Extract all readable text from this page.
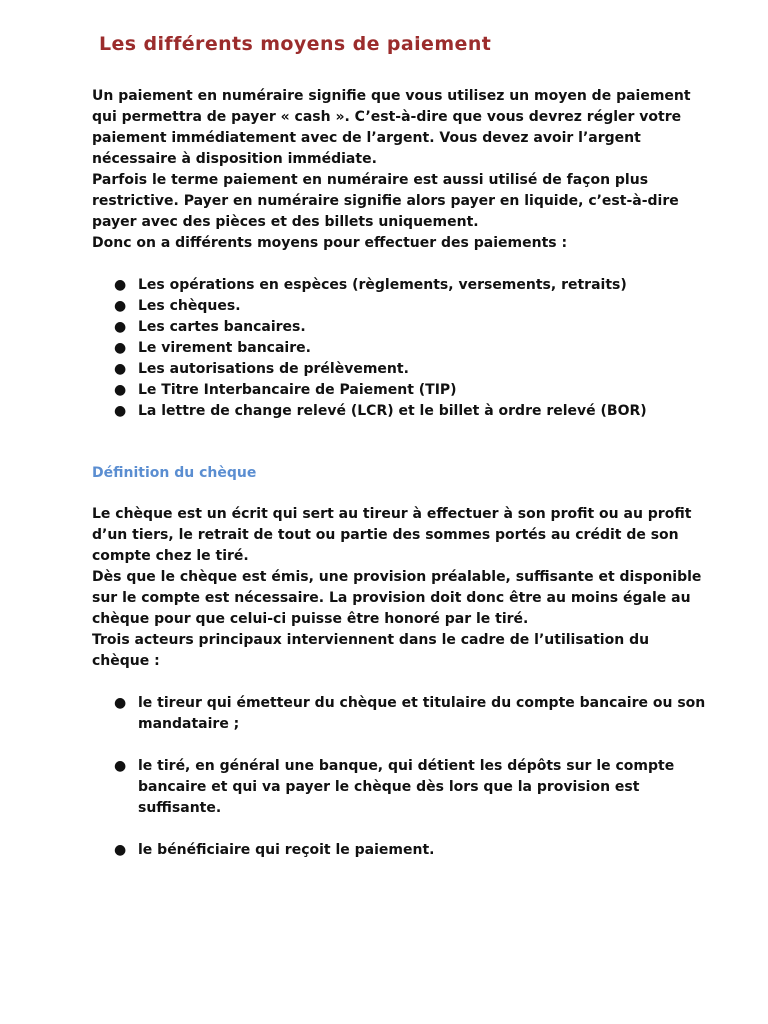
Les différents moyens de paiement

Un paiement en numéraire signifie que vous utilisez un moyen de paiement

qui permettra de payer « cash ». C’est-à-dire que vous devrez régler votre

paiement immédiatement avec de l’argent. Vous devez avoir l’argent

nécessaire à disposition immédiate.

Parfois le terme paiement en numéraire est aussi utilisé de façon plus

restrictive. Payer en numéraire signifie alors payer en liquide, c’est-à-dire

payer avec des pièces et des billets uniquement.

Donc on a différents moyens pour effectuer des paiements :

● Les opérations en espèces (règlements, versements, retraits)
● Les chèques.
● Les cartes bancaires.
● Le virement bancaire.
● Les autorisations de prélèvement.
● Le Titre Interbancaire de Paiement (TIP)
● La lettre de change relevé (LCR) et le billet à ordre relevé (BOR)
Définition du chèque

Le chèque est un écrit qui sert au tireur à effectuer à son profit ou au profit

d’un tiers, le retrait de tout ou partie des sommes portés au crédit de son

compte chez le tiré.

Dès que le chèque est émis, une provision préalable, suffisante et disponible

sur le compte est nécessaire. La provision doit donc être au moins égale au

chèque pour que celui-ci puisse être honoré par le tiré.

Trois acteurs principaux interviennent dans le cadre de l’utilisation du

chèque :

● le tireur qui émetteur du chèque et titulaire du compte bancaire ou son
mandataire ;
● le tiré, en général une banque, qui détient les dépôts sur le compte
bancaire et qui va payer le chèque dès lors que la provision est
suffisante.
● le bénéficiaire qui reçoit le paiement.
